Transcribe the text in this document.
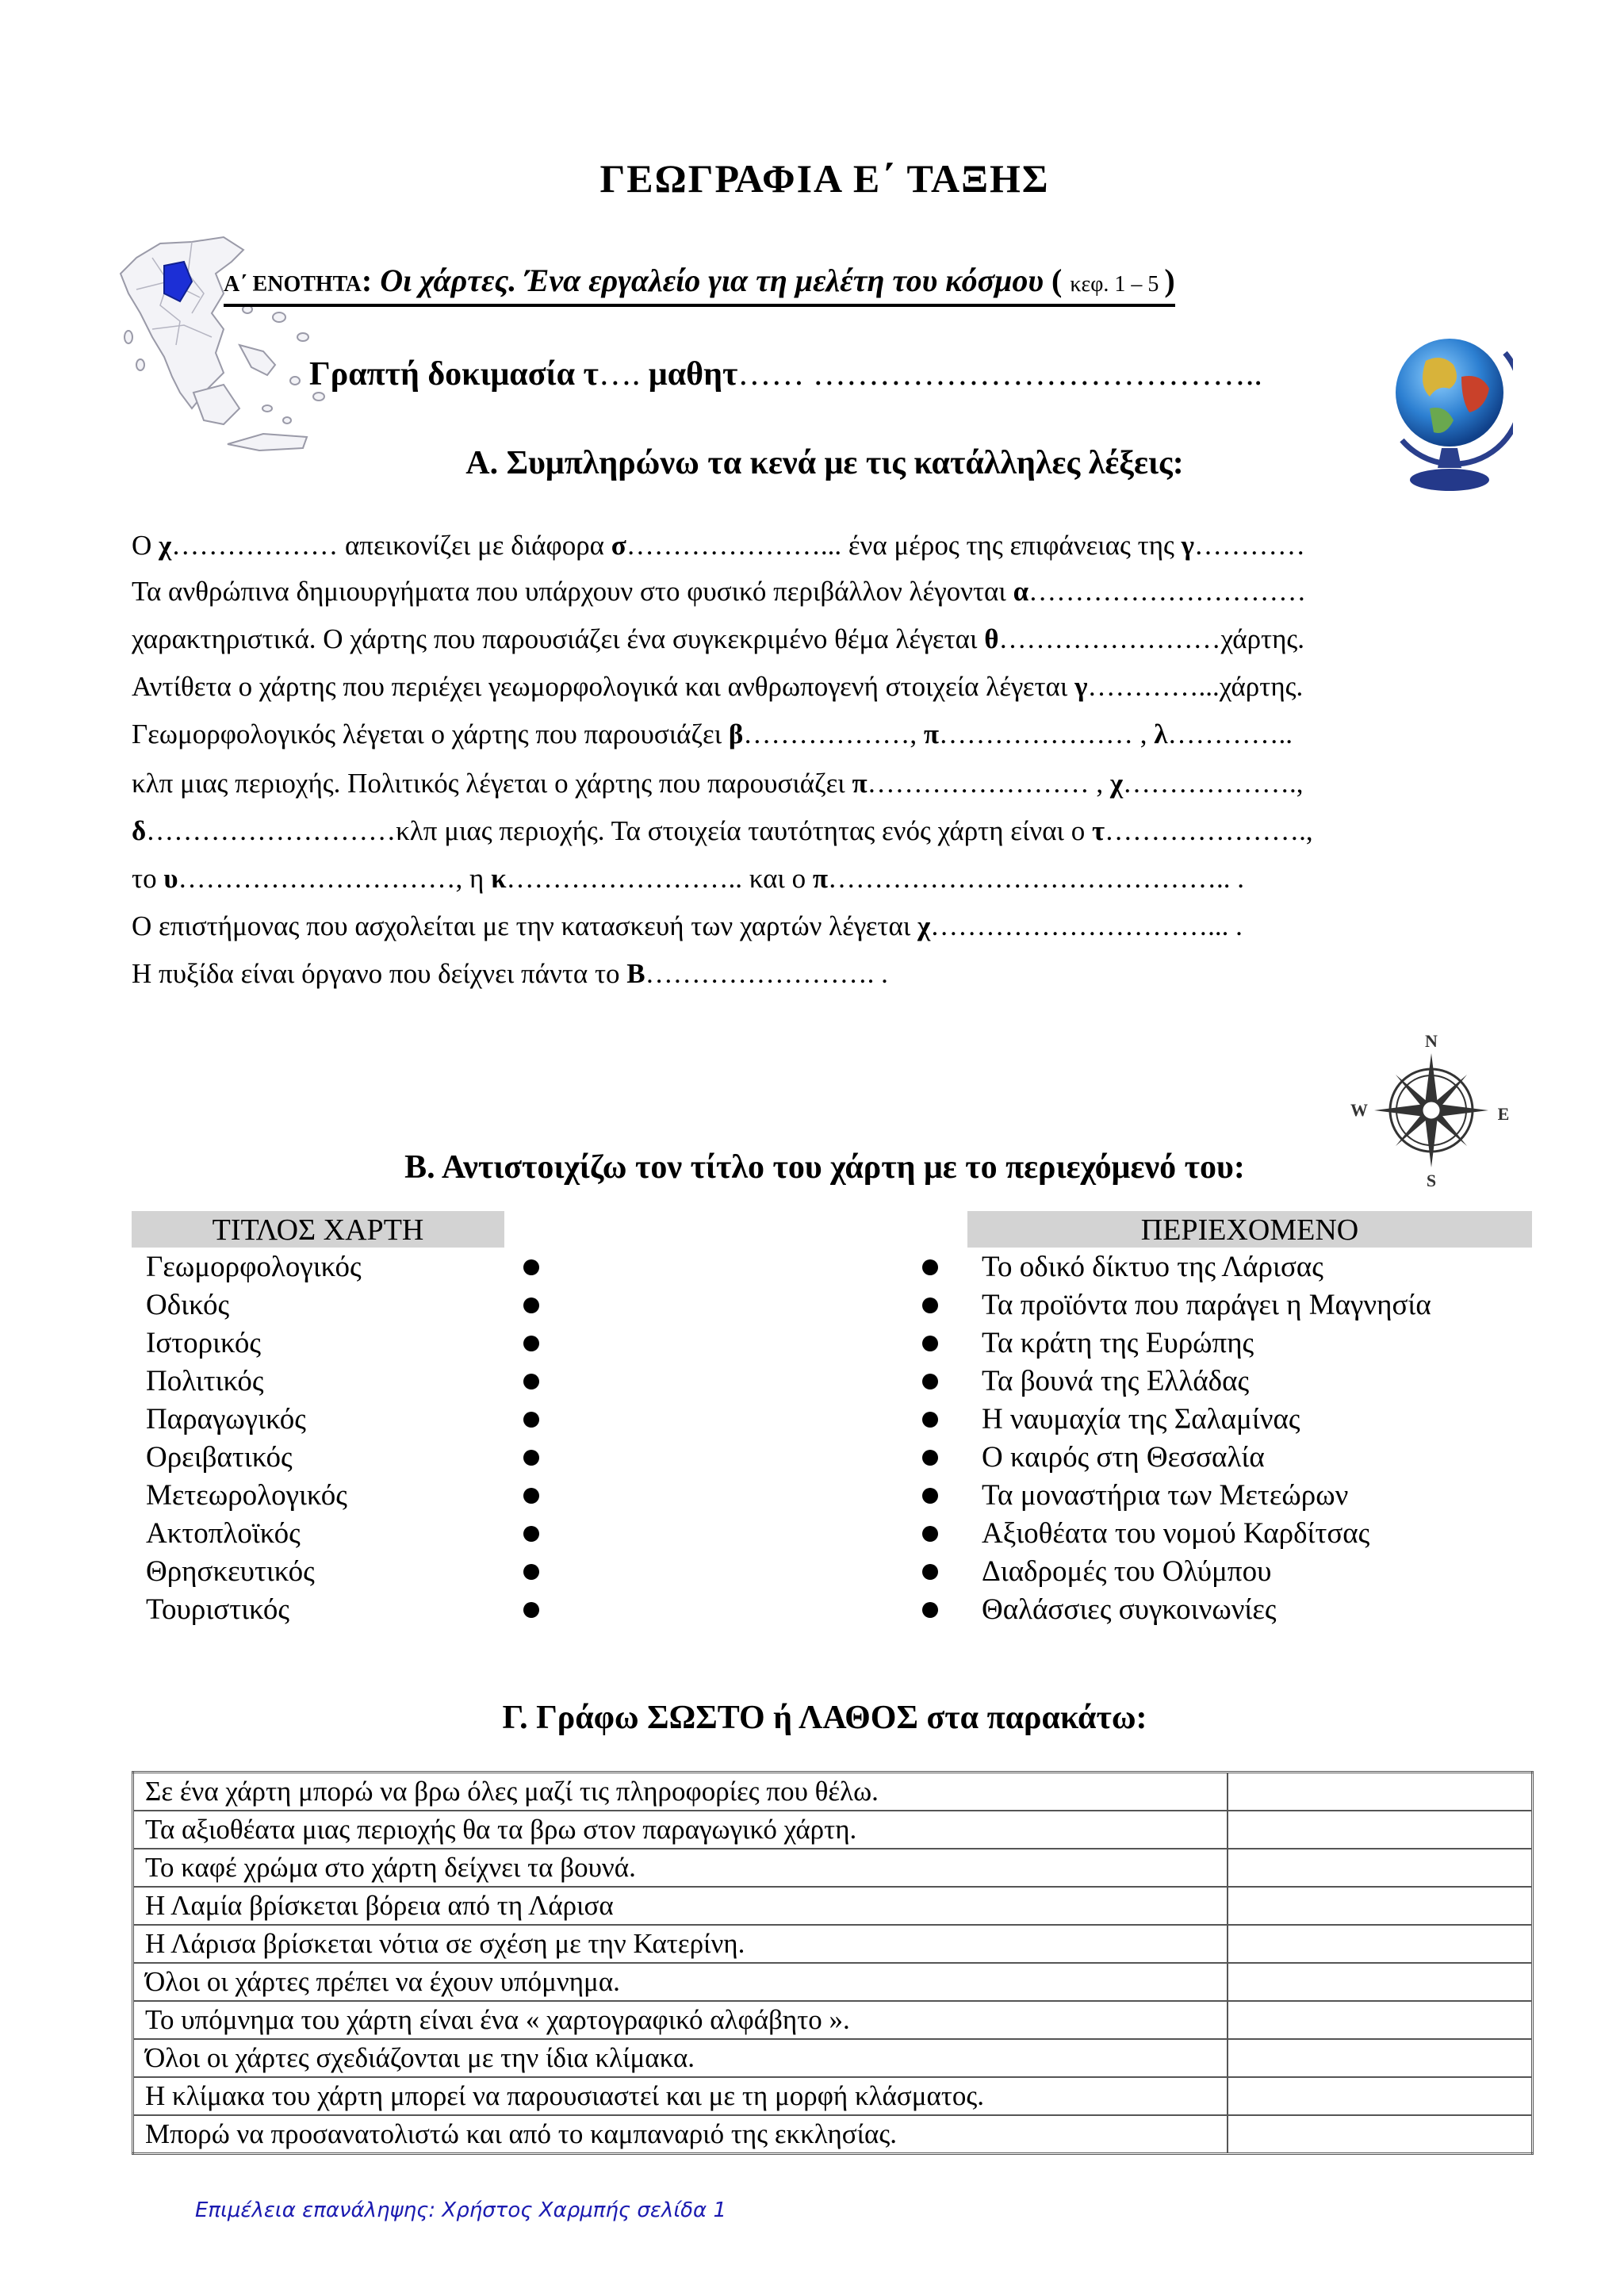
N
S
W	E
ΓΕΩΓΡΑΦΙΑ Ε΄ ΤΑΞΗΣ
Α΄ ΕΝΟΤΗΤΑ: Οι χάρτες. Ένα εργαλείο για τη μελέτη του κόσμου ( κεφ. 1 – 5 )
Γραπτή δοκιμασία τ…. μαθητ…… …………………………………..
Α. Συμπληρώνω τα κενά με τις κατάλληλες λέξεις:
Ο χ……………… απεικονίζει με διάφορα σ…………………... ένα μέρος της επιφάνειας της γ…………
Τα ανθρώπινα δημιουργήματα που υπάρχουν στο φυσικό περιβάλλον λέγονται α…………………………
χαρακτηριστικά. Ο χάρτης που παρουσιάζει ένα συγκεκριμένο θέμα λέγεται θ……………………χάρτης.
Αντίθετα ο χάρτης που περιέχει γεωμορφολογικά και ανθρωπογενή στοιχεία λέγεται γ…………...χάρτης.
Γεωμορφολογικός λέγεται ο χάρτης που παρουσιάζει β………………, π………………… , λ…………..
κλπ μιας περιοχής. Πολιτικός λέγεται ο χάρτης που παρουσιάζει π…………………… , χ……………….,
δ………………………κλπ μιας περιοχής. Τα στοιχεία ταυτότητας ενός χάρτη είναι ο τ………………….,
το υ…………………………, η κ…………………….. και ο π…………………………………….. .
Ο επιστήμονας που ασχολείται με την κατασκευή των χαρτών λέγεται χ…………………………... .
Η πυξίδα είναι όργανο που δείχνει πάντα το Β……………………. .
Β. Αντιστοιχίζω τον τίτλο του χάρτη με το περιεχόμενό του:
ΤΙΤΛΟΣ ΧΑΡΤΗ	ΠΕΡΙΕΧΟΜΕΝΟ
Γεωμορφολογικός	Το οδικό δίκτυο της Λάρισας
Οδικός	Τα προϊόντα που παράγει η Μαγνησία
Ιστορικός	Τα κράτη της Ευρώπης
Πολιτικός	Τα βουνά της Ελλάδας
Παραγωγικός	Η ναυμαχία της Σαλαμίνας
Ορειβατικός	Ο καιρός στη Θεσσαλία
Μετεωρολογικός	Τα μοναστήρια των Μετεώρων
Ακτοπλοϊκός	Αξιοθέατα του νομού Καρδίτσας
Θρησκευτικός	Διαδρομές του Ολύμπου
Τουριστικός	Θαλάσσιες συγκοινωνίες
Γ. Γράφω ΣΩΣΤΟ ή ΛΑΘΟΣ στα παρακάτω:
Σε ένα χάρτη μπορώ να βρω όλες μαζί τις πληροφορίες που θέλω.	
Τα αξιοθέατα μιας περιοχής θα τα βρω στον παραγωγικό χάρτη.	
Το καφέ χρώμα στο χάρτη δείχνει τα βουνά.	
Η Λαμία βρίσκεται βόρεια από τη Λάρισα	
Η Λάρισα βρίσκεται νότια σε σχέση με την Κατερίνη.	
Όλοι οι χάρτες πρέπει να έχουν υπόμνημα.	
Το υπόμνημα του χάρτη είναι ένα « χαρτογραφικό αλφάβητο ».	
Όλοι οι χάρτες σχεδιάζονται με την ίδια κλίμακα.	
Η κλίμακα του χάρτη μπορεί να παρουσιαστεί και με τη μορφή κλάσματος.	
Μπορώ να προσανατολιστώ και από το καμπαναριό της εκκλησίας.	
Επιμέλεια επανάληψης: Χρήστος Χαρμπής σελίδα 1
